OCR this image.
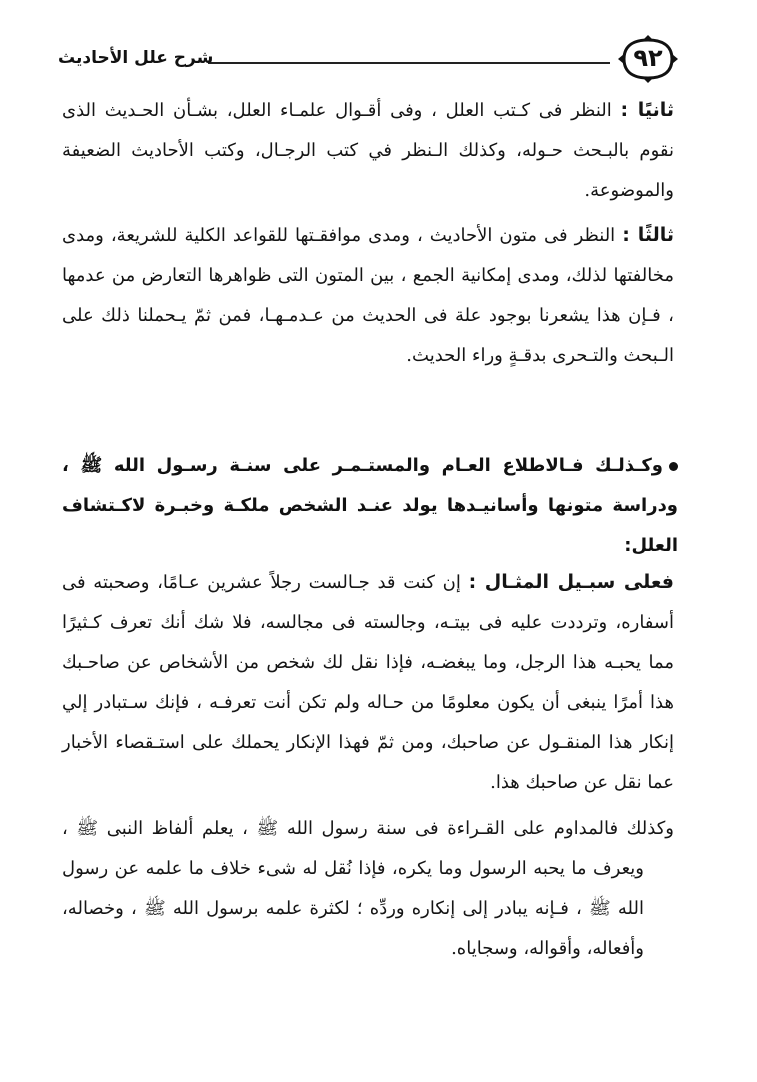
٩٢
شرح علل الأحاديث

ثانيًا : النظر فى كـتب العلل ، وفى أقـوال علمـاء العلل، بشـأن الحـديث الذى نقوم بالبـحث حـوله، وكذلك الـنظر في كتب الرجـال، وكتب الأحاديث الضعيفة والموضوعة.

ثالثًا : النظر فى متون الأحاديث ، ومدى موافقـتها للقواعد الكلية للشريعة، ومدى مخالفتها لذلك، ومدى إمكانية الجمع ، بين المتون التى ظواهرها التعارض من عدمها ، فـإن هذا يشعرنا بوجود علة فى الحديث من عـدمـهـا، فمن ثمّ يـحملنا ذلك على الـبحث والتـحرى بدقـةٍ وراء الحديث.

وكـذلـك فـالاطلاع العـام والمستـمـر على سنـة رسـول الله ﷺ ، ودراسة متونها وأسانيـدها يولد عنـد الشخص ملكـة وخبـرة لاكـتشاف العلل:

فعلى سبـيل المثـال : إن كنت قد جـالست رجلاً عشرين عـامًا، وصحبته فى أسفاره، وترددت عليه فى بيتـه، وجالسته فى مجالسه، فلا شك أنك تعرف كـثيرًا مما يحبـه هذا الرجل، وما يبغضـه، فإذا نقل لك شخص من الأشخاص عن صاحـبك هذا أمرًا ينبغى أن يكون معلومًا من حـاله ولم تكن أنت تعرفـه ، فإنك سـتبادر إلي إنكار هذا المنقـول عن صاحبك، ومن ثمّ فهذا الإنكار يحملك على استـقصاء الأخبار عما نقل عن صاحبك هذا.

وكذلك فالمداوم على القـراءة فى سنة رسول الله ﷺ ، يعلم ألفاظ النبى ﷺ ، ويعرف ما يحبه الرسول وما يكره، فإذا نُقل له شىء خلاف ما علمه عن رسول الله ﷺ ، فـإنه يبادر إلى إنكاره وردِّه ؛ لكثرة علمه برسول الله ﷺ ، وخصاله، وأفعاله، وأقواله، وسجاياه.
